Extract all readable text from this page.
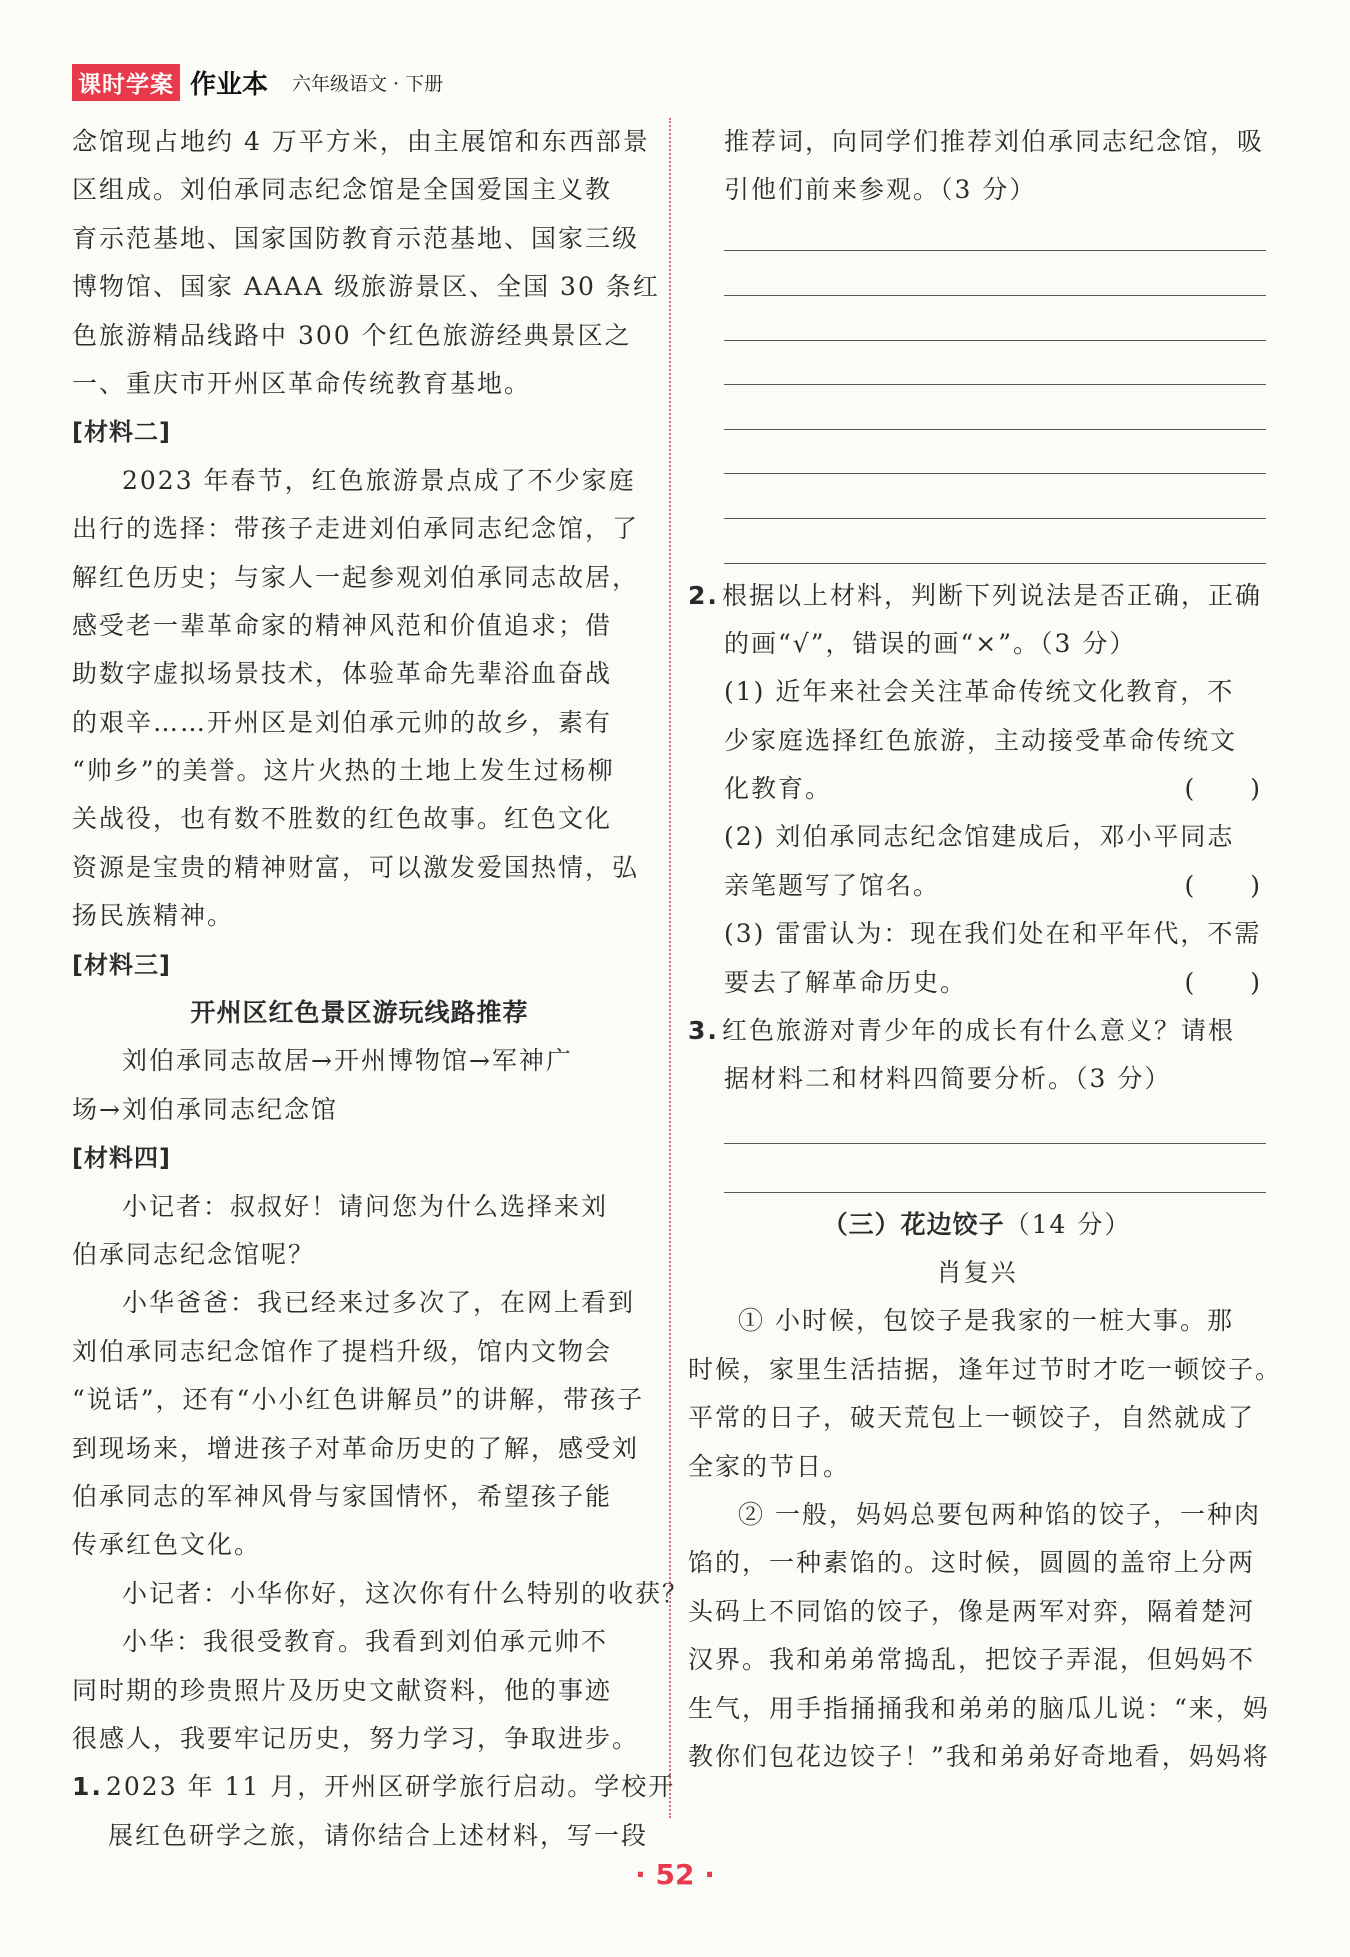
课时学案 作业本 六年级语文 · 下册
念馆现占地约 4 万平方米，由主展馆和东西部景
区组成。刘伯承同志纪念馆是全国爱国主义教
育示范基地、国家国防教育示范基地、国家三级
博物馆、国家 AAAA 级旅游景区、全国 30 条红
色旅游精品线路中 300 个红色旅游经典景区之
一、重庆市开州区革命传统教育基地。
[材料二]
2023 年春节，红色旅游景点成了不少家庭
出行的选择：带孩子走进刘伯承同志纪念馆，了
解红色历史；与家人一起参观刘伯承同志故居，
感受老一辈革命家的精神风范和价值追求；借
助数字虚拟场景技术，体验革命先辈浴血奋战
的艰辛……开州区是刘伯承元帅的故乡，素有
“帅乡”的美誉。这片火热的土地上发生过杨柳
关战役，也有数不胜数的红色故事。红色文化
资源是宝贵的精神财富，可以激发爱国热情，弘
扬民族精神。
[材料三]
开州区红色景区游玩线路推荐
刘伯承同志故居→开州博物馆→军神广
场→刘伯承同志纪念馆
[材料四]
小记者：叔叔好！请问您为什么选择来刘
伯承同志纪念馆呢？
小华爸爸：我已经来过多次了，在网上看到
刘伯承同志纪念馆作了提档升级，馆内文物会
“说话”，还有“小小红色讲解员”的讲解，带孩子
到现场来，增进孩子对革命历史的了解，感受刘
伯承同志的军神风骨与家国情怀，希望孩子能
传承红色文化。
小记者：小华你好，这次你有什么特别的收获？
小华：我很受教育。我看到刘伯承元帅不
同时期的珍贵照片及历史文献资料，他的事迹
很感人，我要牢记历史，努力学习，争取进步。
1. 2023 年 11 月，开州区研学旅行启动。学校开
展红色研学之旅，请你结合上述材料，写一段
推荐词，向同学们推荐刘伯承同志纪念馆，吸
引他们前来参观。（3 分）
2. 根据以上材料，判断下列说法是否正确，正确
的画“√”，错误的画“×”。（3 分）
(1) 近年来社会关注革命传统文化教育，不
少家庭选择红色旅游，主动接受革命传统文
化教育。	(　　)
(2) 刘伯承同志纪念馆建成后，邓小平同志
亲笔题写了馆名。	(　　)
(3) 雷雷认为：现在我们处在和平年代，不需
要去了解革命历史。	(　　)
3. 红色旅游对青少年的成长有什么意义？请根
据材料二和材料四简要分析。（3 分）
（三）花边饺子（14 分）
肖复兴
① 小时候，包饺子是我家的一桩大事。那
时候，家里生活拮据，逢年过节时才吃一顿饺子。
平常的日子，破天荒包上一顿饺子，自然就成了
全家的节日。
② 一般，妈妈总要包两种馅的饺子，一种肉
馅的，一种素馅的。这时候，圆圆的盖帘上分两
头码上不同馅的饺子，像是两军对弈，隔着楚河
汉界。我和弟弟常捣乱，把饺子弄混，但妈妈不
生气，用手指捅捅我和弟弟的脑瓜儿说：“来，妈
教你们包花边饺子！”我和弟弟好奇地看，妈妈将
· 52 ·
